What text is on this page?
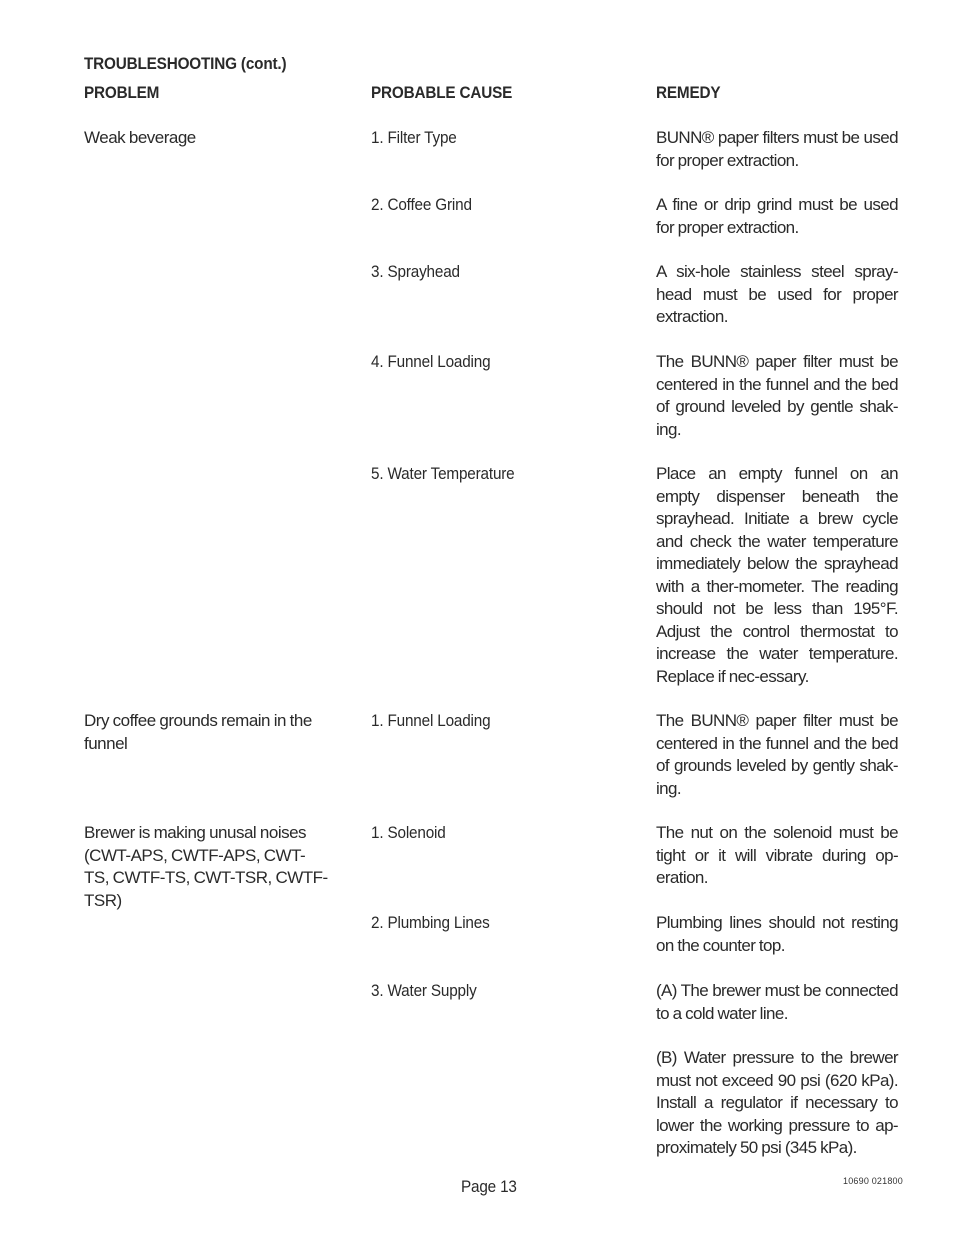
TROUBLESHOOTING (cont.)
PROBLEM	PROBABLE CAUSE	REMEDY
Weak beverage	1. Filter Type	BUNN® paper filters must be used for proper extraction.
2. Coffee Grind	A fine or drip grind must be used for proper extraction.
3. Sprayhead	A six-hole stainless steel spray-head must be used for proper extraction.
4. Funnel Loading	The BUNN® paper filter must be centered in the funnel and the bed of ground leveled by gentle shak-ing.
5. Water Temperature	Place an empty funnel on an empty dispenser beneath the sprayhead. Initiate a brew cycle and check the water temperature immediately below the sprayhead with a ther-mometer. The reading should not be less than 195°F. Adjust the control thermostat to increase the water temperature. Replace if nec-essary.
Dry coffee grounds remain in the funnel
1. Funnel Loading	The BUNN® paper filter must be centered in the funnel and the bed of grounds leveled by gently shak-ing.
Brewer is making unusal noises (CWT-APS, CWTF-APS, CWT-TS, CWTF-TS, CWT-TSR, CWTF-TSR)
1. Solenoid	The nut on the solenoid must be tight or it will vibrate during op-eration.
2. Plumbing Lines	Plumbing lines should not resting on the counter top.
3. Water Supply	(A) The brewer must be connected to a cold water line.
(B) Water pressure to the brewer must not exceed 90 psi (620 kPa). Install a regulator if necessary to lower the working pressure to ap-proximately 50 psi (345 kPa).
Page 13	10690 021800
